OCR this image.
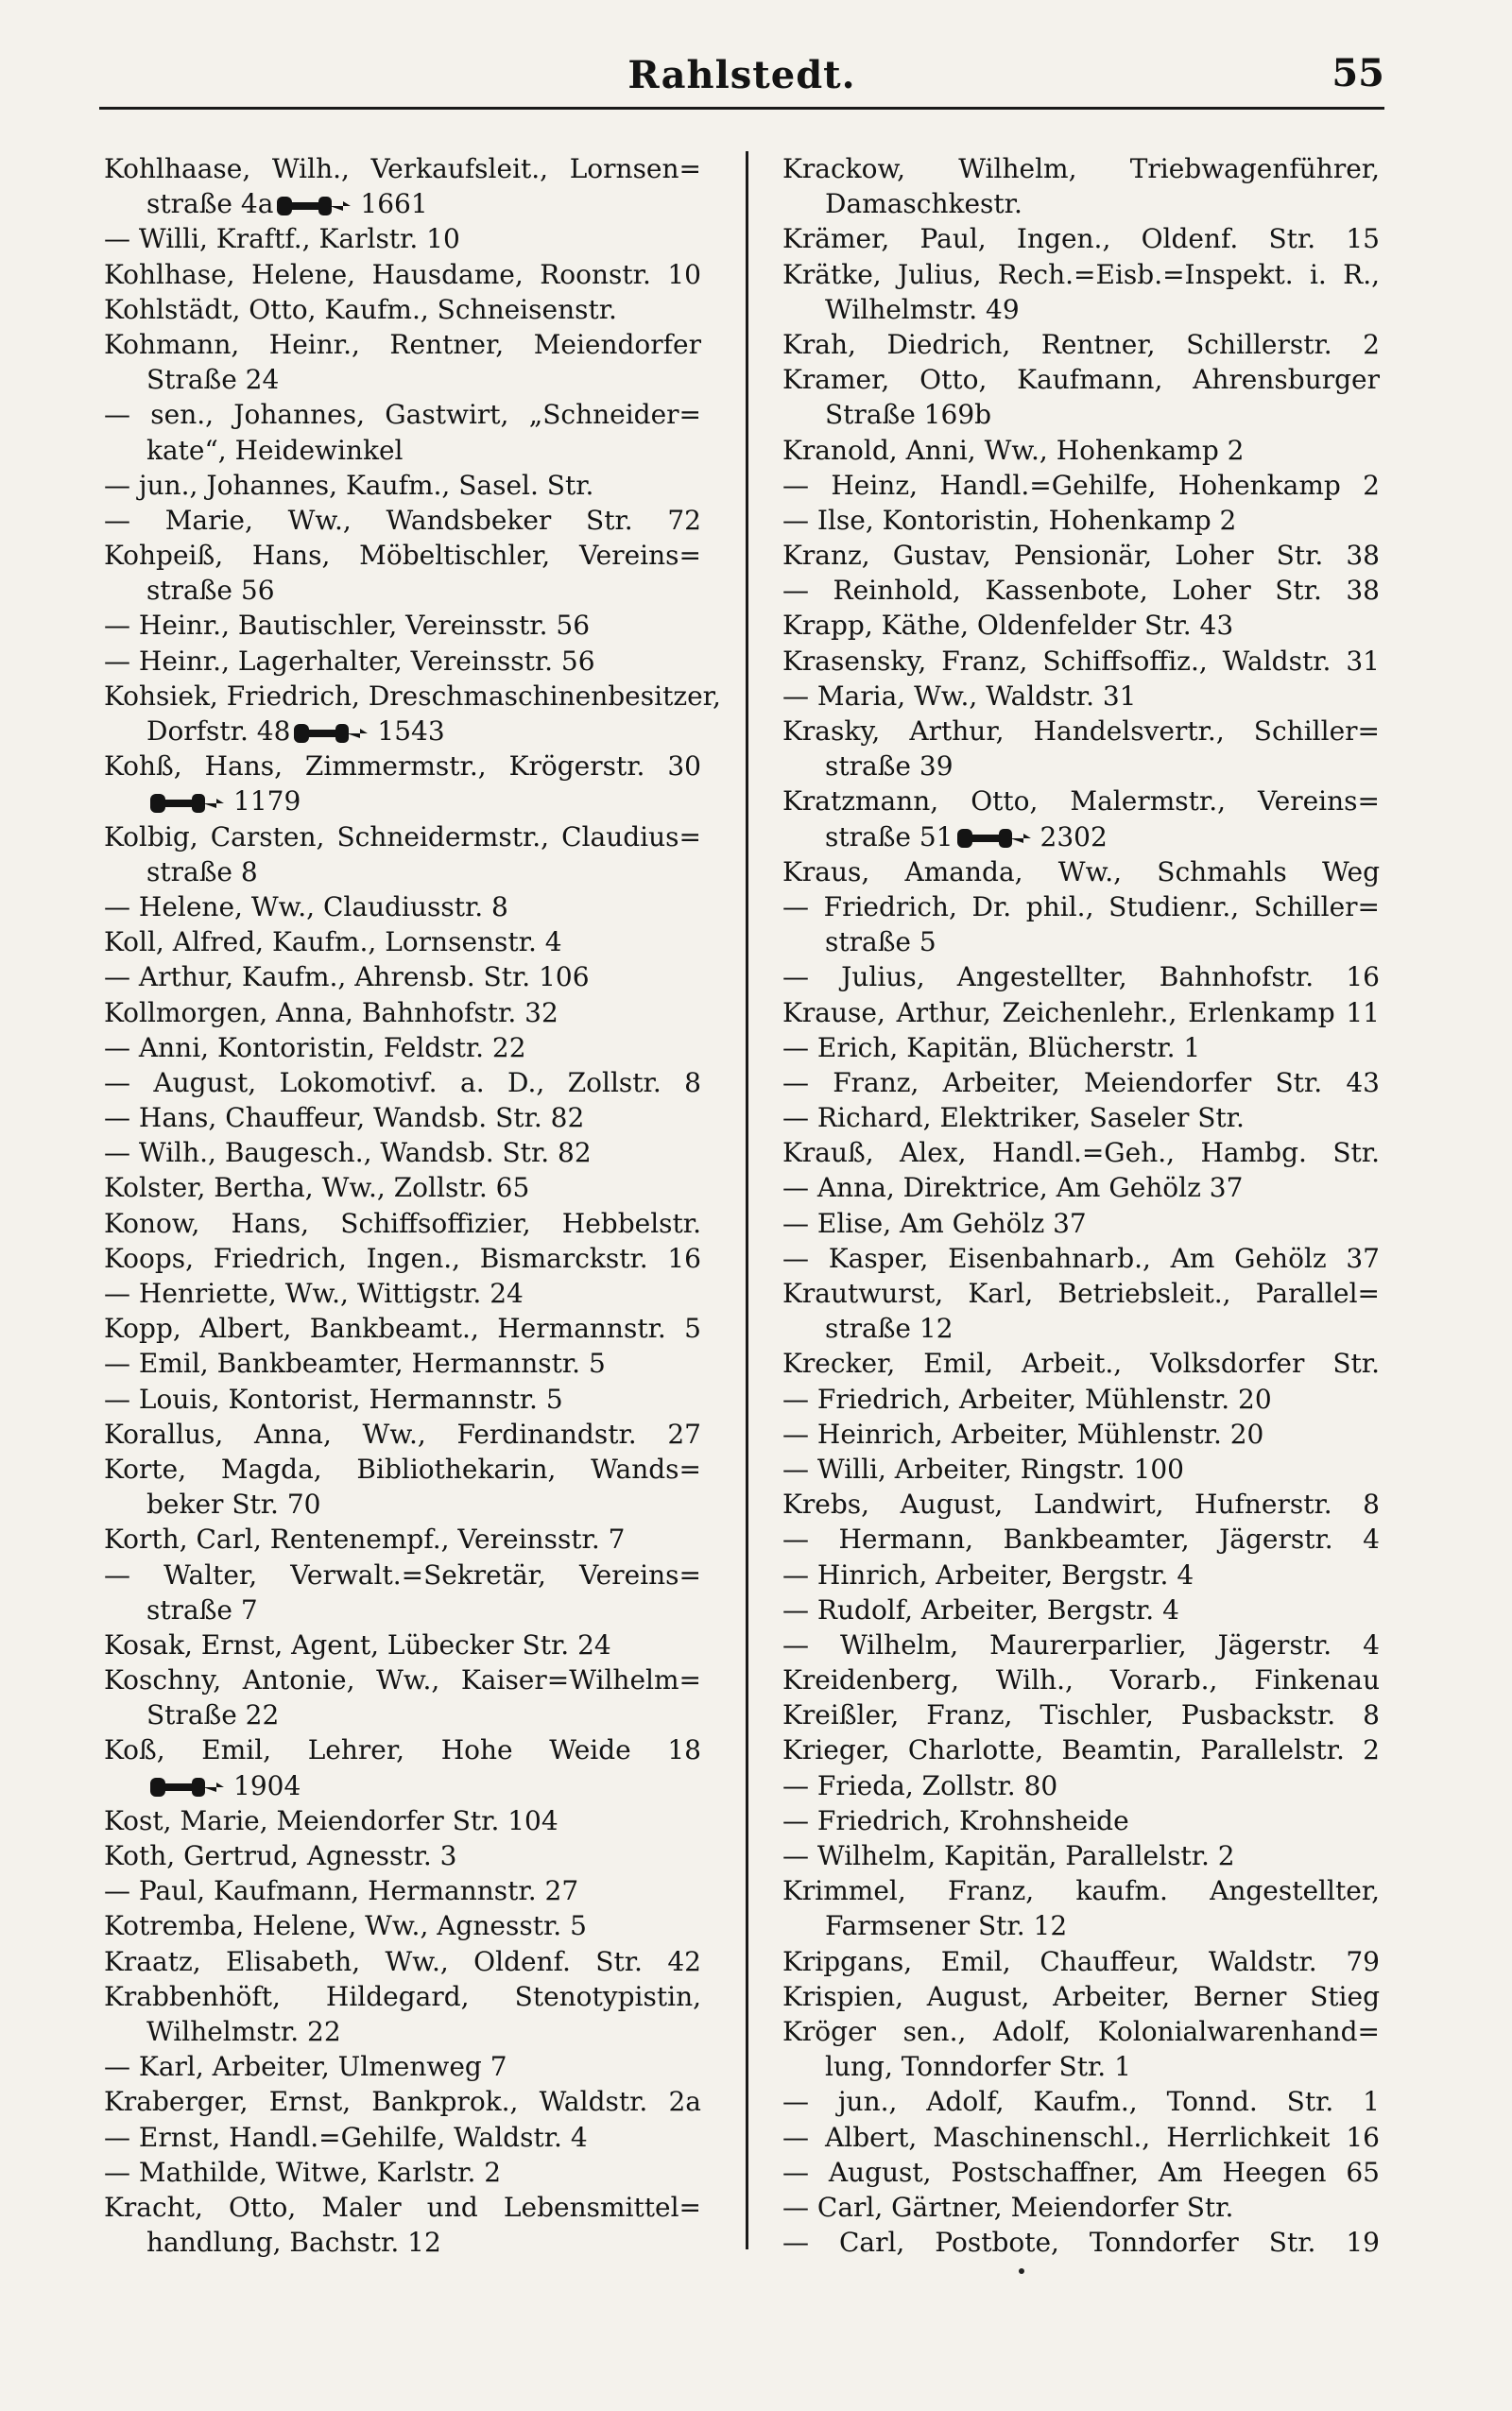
Rahlstedt.	55
Kohlhaase, Wilh., Verkaufsleit., Lornsen=
straße 4a	1661
— Willi, Kraftf., Karlstr. 10
Kohlhase, Helene, Hausdame, Roonstr. 10
Kohlstädt, Otto, Kaufm., Schneisenstr.
Kohmann, Heinr., Rentner, Meiendorfer
Straße 24
— sen., Johannes, Gastwirt, „Schneider=
kate“, Heidewinkel
— jun., Johannes, Kaufm., Sasel. Str.
— Marie, Ww., Wandsbeker Str. 72
Kohpeiß, Hans, Möbeltischler, Vereins=
straße 56
— Heinr., Bautischler, Vereinsstr. 56
— Heinr., Lagerhalter, Vereinsstr. 56
Kohsiek, Friedrich, Dreschmaschinenbesitzer,
Dorfstr. 48	1543
Kohß, Hans, Zimmermstr., Krögerstr. 30
1179
Kolbig, Carsten, Schneidermstr., Claudius=
straße 8
— Helene, Ww., Claudiusstr. 8
Koll, Alfred, Kaufm., Lornsenstr. 4
— Arthur, Kaufm., Ahrensb. Str. 106
Kollmorgen, Anna, Bahnhofstr. 32
— Anni, Kontoristin, Feldstr. 22
— August, Lokomotivf. a. D., Zollstr. 8
— Hans, Chauffeur, Wandsb. Str. 82
— Wilh., Baugesch., Wandsb. Str. 82
Kolster, Bertha, Ww., Zollstr. 65
Konow, Hans, Schiffsoffizier, Hebbelstr.
Koops, Friedrich, Ingen., Bismarckstr. 16
— Henriette, Ww., Wittigstr. 24
Kopp, Albert, Bankbeamt., Hermannstr. 5
— Emil, Bankbeamter, Hermannstr. 5
— Louis, Kontorist, Hermannstr. 5
Korallus, Anna, Ww., Ferdinandstr. 27
Korte, Magda, Bibliothekarin, Wands=
beker Str. 70
Korth, Carl, Rentenempf., Vereinsstr. 7
— Walter, Verwalt.=Sekretär, Vereins=
straße 7
Kosak, Ernst, Agent, Lübecker Str. 24
Koschny, Antonie, Ww., Kaiser=Wilhelm=
Straße 22
Koß, Emil, Lehrer, Hohe Weide 18
1904
Kost, Marie, Meiendorfer Str. 104
Koth, Gertrud, Agnesstr. 3
— Paul, Kaufmann, Hermannstr. 27
Kotremba, Helene, Ww., Agnesstr. 5
Kraatz, Elisabeth, Ww., Oldenf. Str. 42
Krabbenhöft, Hildegard, Stenotypistin,
Wilhelmstr. 22
— Karl, Arbeiter, Ulmenweg 7
Kraberger, Ernst, Bankprok., Waldstr. 2a
— Ernst, Handl.=Gehilfe, Waldstr. 4
— Mathilde, Witwe, Karlstr. 2
Kracht, Otto, Maler und Lebensmittel=
handlung, Bachstr. 12
Krackow, Wilhelm, Triebwagenführer,
Damaschkestr.
Krämer, Paul, Ingen., Oldenf. Str. 15
Krätke, Julius, Rech.=Eisb.=Inspekt. i. R.,
Wilhelmstr. 49
Krah, Diedrich, Rentner, Schillerstr. 2
Kramer, Otto, Kaufmann, Ahrensburger
Straße 169b
Kranold, Anni, Ww., Hohenkamp 2
— Heinz, Handl.=Gehilfe, Hohenkamp 2
— Ilse, Kontoristin, Hohenkamp 2
Kranz, Gustav, Pensionär, Loher Str. 38
— Reinhold, Kassenbote, Loher Str. 38
Krapp, Käthe, Oldenfelder Str. 43
Krasensky, Franz, Schiffsoffiz., Waldstr. 31
— Maria, Ww., Waldstr. 31
Krasky, Arthur, Handelsvertr., Schiller=
straße 39
Kratzmann, Otto, Malermstr., Vereins=
straße 51	2302
Kraus, Amanda, Ww., Schmahls Weg
— Friedrich, Dr. phil., Studienr., Schiller=
straße 5
— Julius, Angestellter, Bahnhofstr. 16
Krause, Arthur, Zeichenlehr., Erlenkamp 11
— Erich, Kapitän, Blücherstr. 1
— Franz, Arbeiter, Meiendorfer Str. 43
— Richard, Elektriker, Saseler Str.
Krauß, Alex, Handl.=Geh., Hambg. Str.
— Anna, Direktrice, Am Gehölz 37
— Elise, Am Gehölz 37
— Kasper, Eisenbahnarb., Am Gehölz 37
Krautwurst, Karl, Betriebsleit., Parallel=
straße 12
Krecker, Emil, Arbeit., Volksdorfer Str.
— Friedrich, Arbeiter, Mühlenstr. 20
— Heinrich, Arbeiter, Mühlenstr. 20
— Willi, Arbeiter, Ringstr. 100
Krebs, August, Landwirt, Hufnerstr. 8
— Hermann, Bankbeamter, Jägerstr. 4
— Hinrich, Arbeiter, Bergstr. 4
— Rudolf, Arbeiter, Bergstr. 4
— Wilhelm, Maurerparlier, Jägerstr. 4
Kreidenberg, Wilh., Vorarb., Finkenau
Kreißler, Franz, Tischler, Pusbackstr. 8
Krieger, Charlotte, Beamtin, Parallelstr. 2
— Frieda, Zollstr. 80
— Friedrich, Krohnsheide
— Wilhelm, Kapitän, Parallelstr. 2
Krimmel, Franz, kaufm. Angestellter,
Farmsener Str. 12
Kripgans, Emil, Chauffeur, Waldstr. 79
Krispien, August, Arbeiter, Berner Stieg
Kröger sen., Adolf, Kolonialwarenhand=
lung, Tonndorfer Str. 1
— jun., Adolf, Kaufm., Tonnd. Str. 1
— Albert, Maschinenschl., Herrlichkeit 16
— August, Postschaffner, Am Heegen 65
— Carl, Gärtner, Meiendorfer Str.
— Carl, Postbote, Tonndorfer Str. 19
